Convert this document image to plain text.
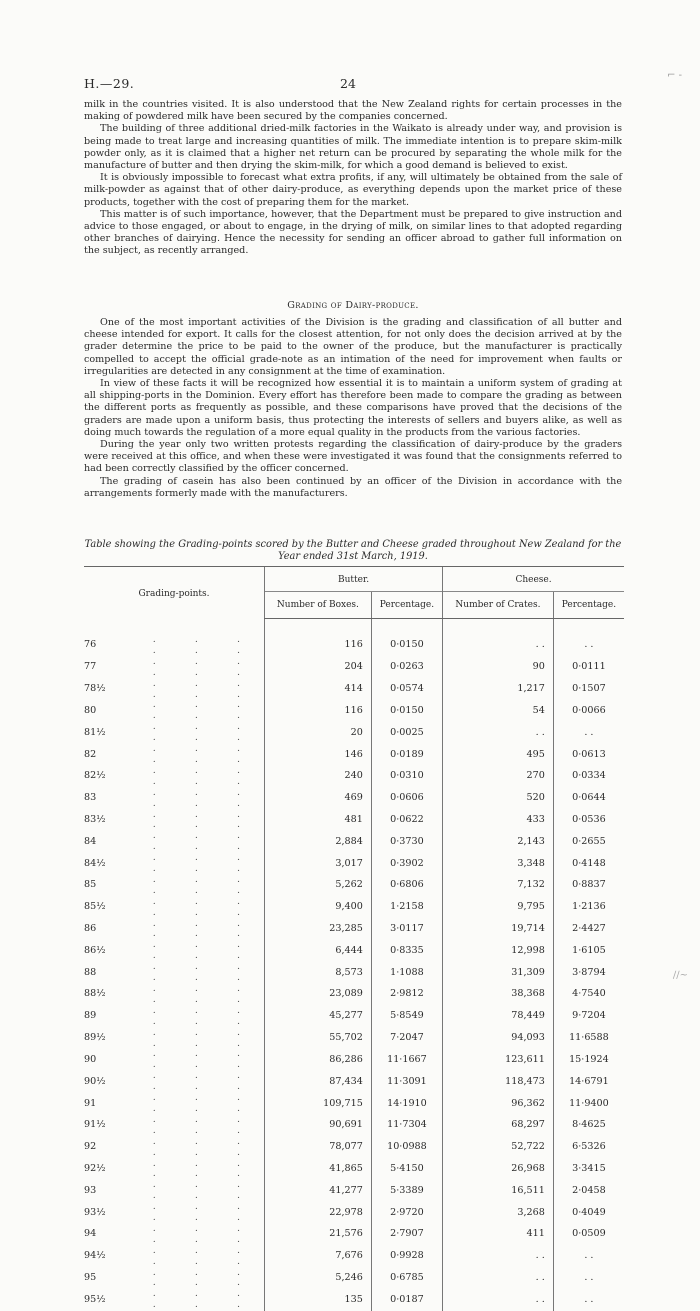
H.—29.	24

milk in the countries visited. It is also understood that the New Zealand rights for certain processes in the making of powdered milk have been secured by the companies concerned.

The building of three additional dried-milk factories in the Waikato is already under way, and provision is being made to treat large and increasing quantities of milk. The immediate intention is to prepare skim-milk powder only, as it is claimed that a higher net return can be procured by separating the whole milk for the manufacture of butter and then drying the skim-milk, for which a good demand is believed to exist.

It is obviously impossible to forecast what extra profits, if any, will ultimately be obtained from the sale of milk-powder as against that of other dairy-produce, as everything depends upon the market price of these products, together with the cost of preparing them for the market.

This matter is of such importance, however, that the Department must be prepared to give instruction and advice to those engaged, or about to engage, in the drying of milk, on similar lines to that adopted regarding other branches of dairying. Hence the necessity for sending an officer abroad to gather full information on the subject, as recently arranged.

Grading of Dairy-produce.

One of the most important activities of the Division is the grading and classification of all butter and cheese intended for export. It calls for the closest attention, for not only does the decision arrived at by the grader determine the price to be paid to the owner of the produce, but the manufacturer is practically compelled to accept the official grade-note as an intimation of the need for improvement when faults or irregularities are detected in any consignment at the time of examination.

In view of these facts it will be recognized how essential it is to maintain a uniform system of grading at all shipping-ports in the Dominion. Every effort has therefore been made to compare the grading as between the different ports as frequently as possible, and these comparisons have proved that the decisions of the graders are made upon a uniform basis, thus protecting the interests of sellers and buyers alike, as well as doing much towards the regulation of a more equal quality in the products from the various factories.

During the year only two written protests regarding the classification of dairy-produce by the graders were received at this office, and when these were investigated it was found that the consignments referred to had been correctly classified by the officer concerned.

The grading of casein has also been continued by an officer of the Division in accordance with the arrangements formerly made with the manufacturers.

Table showing the Grading-points scored by the Butter and Cheese graded throughout New Zealand for the Year ended 31st March, 1919.

Grading-points.		Butter.		Cheese.	
		Number of Boxes.	Percentage.	Number of Crates.	Percentage.

76	. . . . . .	116	0·0150	. .	. .
77	. . . . . .	204	0·0263	90	0·0111
78½	. . . . . .	414	0·0574	1,217	0·1507
80	. . . . . .	116	0·0150	54	0·0066
81½	. . . . . .	20	0·0025	. .	. .
82	. . . . . .	146	0·0189	495	0·0613
82½	. . . . . .	240	0·0310	270	0·0334
83	. . . . . .	469	0·0606	520	0·0644
83½	. . . . . .	481	0·0622	433	0·0536
84	. . . . . .	2,884	0·3730	2,143	0·2655
84½	. . . . . .	3,017	0·3902	3,348	0·4148
85	. . . . . .	5,262	0·6806	7,132	0·8837
85½	. . . . . .	9,400	1·2158	9,795	1·2136
86	. . . . . .	23,285	3·0117	19,714	2·4427
86½	. . . . . .	6,444	0·8335	12,998	1·6105
88	. . . . . .	8,573	1·1088	31,309	3·8794
88½	. . . . . .	23,089	2·9812	38,368	4·7540
89	. . . . . .	45,277	5·8549	78,449	9·7204
89½	. . . . . .	55,702	7·2047	94,093	11·6588
90	. . . . . .	86,286	11·1667	123,611	15·1924
90½	. . . . . .	87,434	11·3091	118,473	14·6791
91	. . . . . .	109,715	14·1910	96,362	11·9400
91½	. . . . . .	90,691	11·7304	68,297	8·4625
92	. . . . . .	78,077	10·0988	52,722	6·5326
92½	. . . . . .	41,865	5·4150	26,968	3·3415
93	. . . . . .	41,277	5·3389	16,511	2·0458
93½	. . . . . .	22,978	2·9720	3,268	0·4049
94	. . . . . .	21,576	2·7907	411	0·0509
94½	. . . . . .	7,676	0·9928	. .	. .
95	. . . . . .	5,246	0·6785	. .	. .
95½	. . . . . .	135	0·0187	. .	. .
⌐ ‐
∕∕~
